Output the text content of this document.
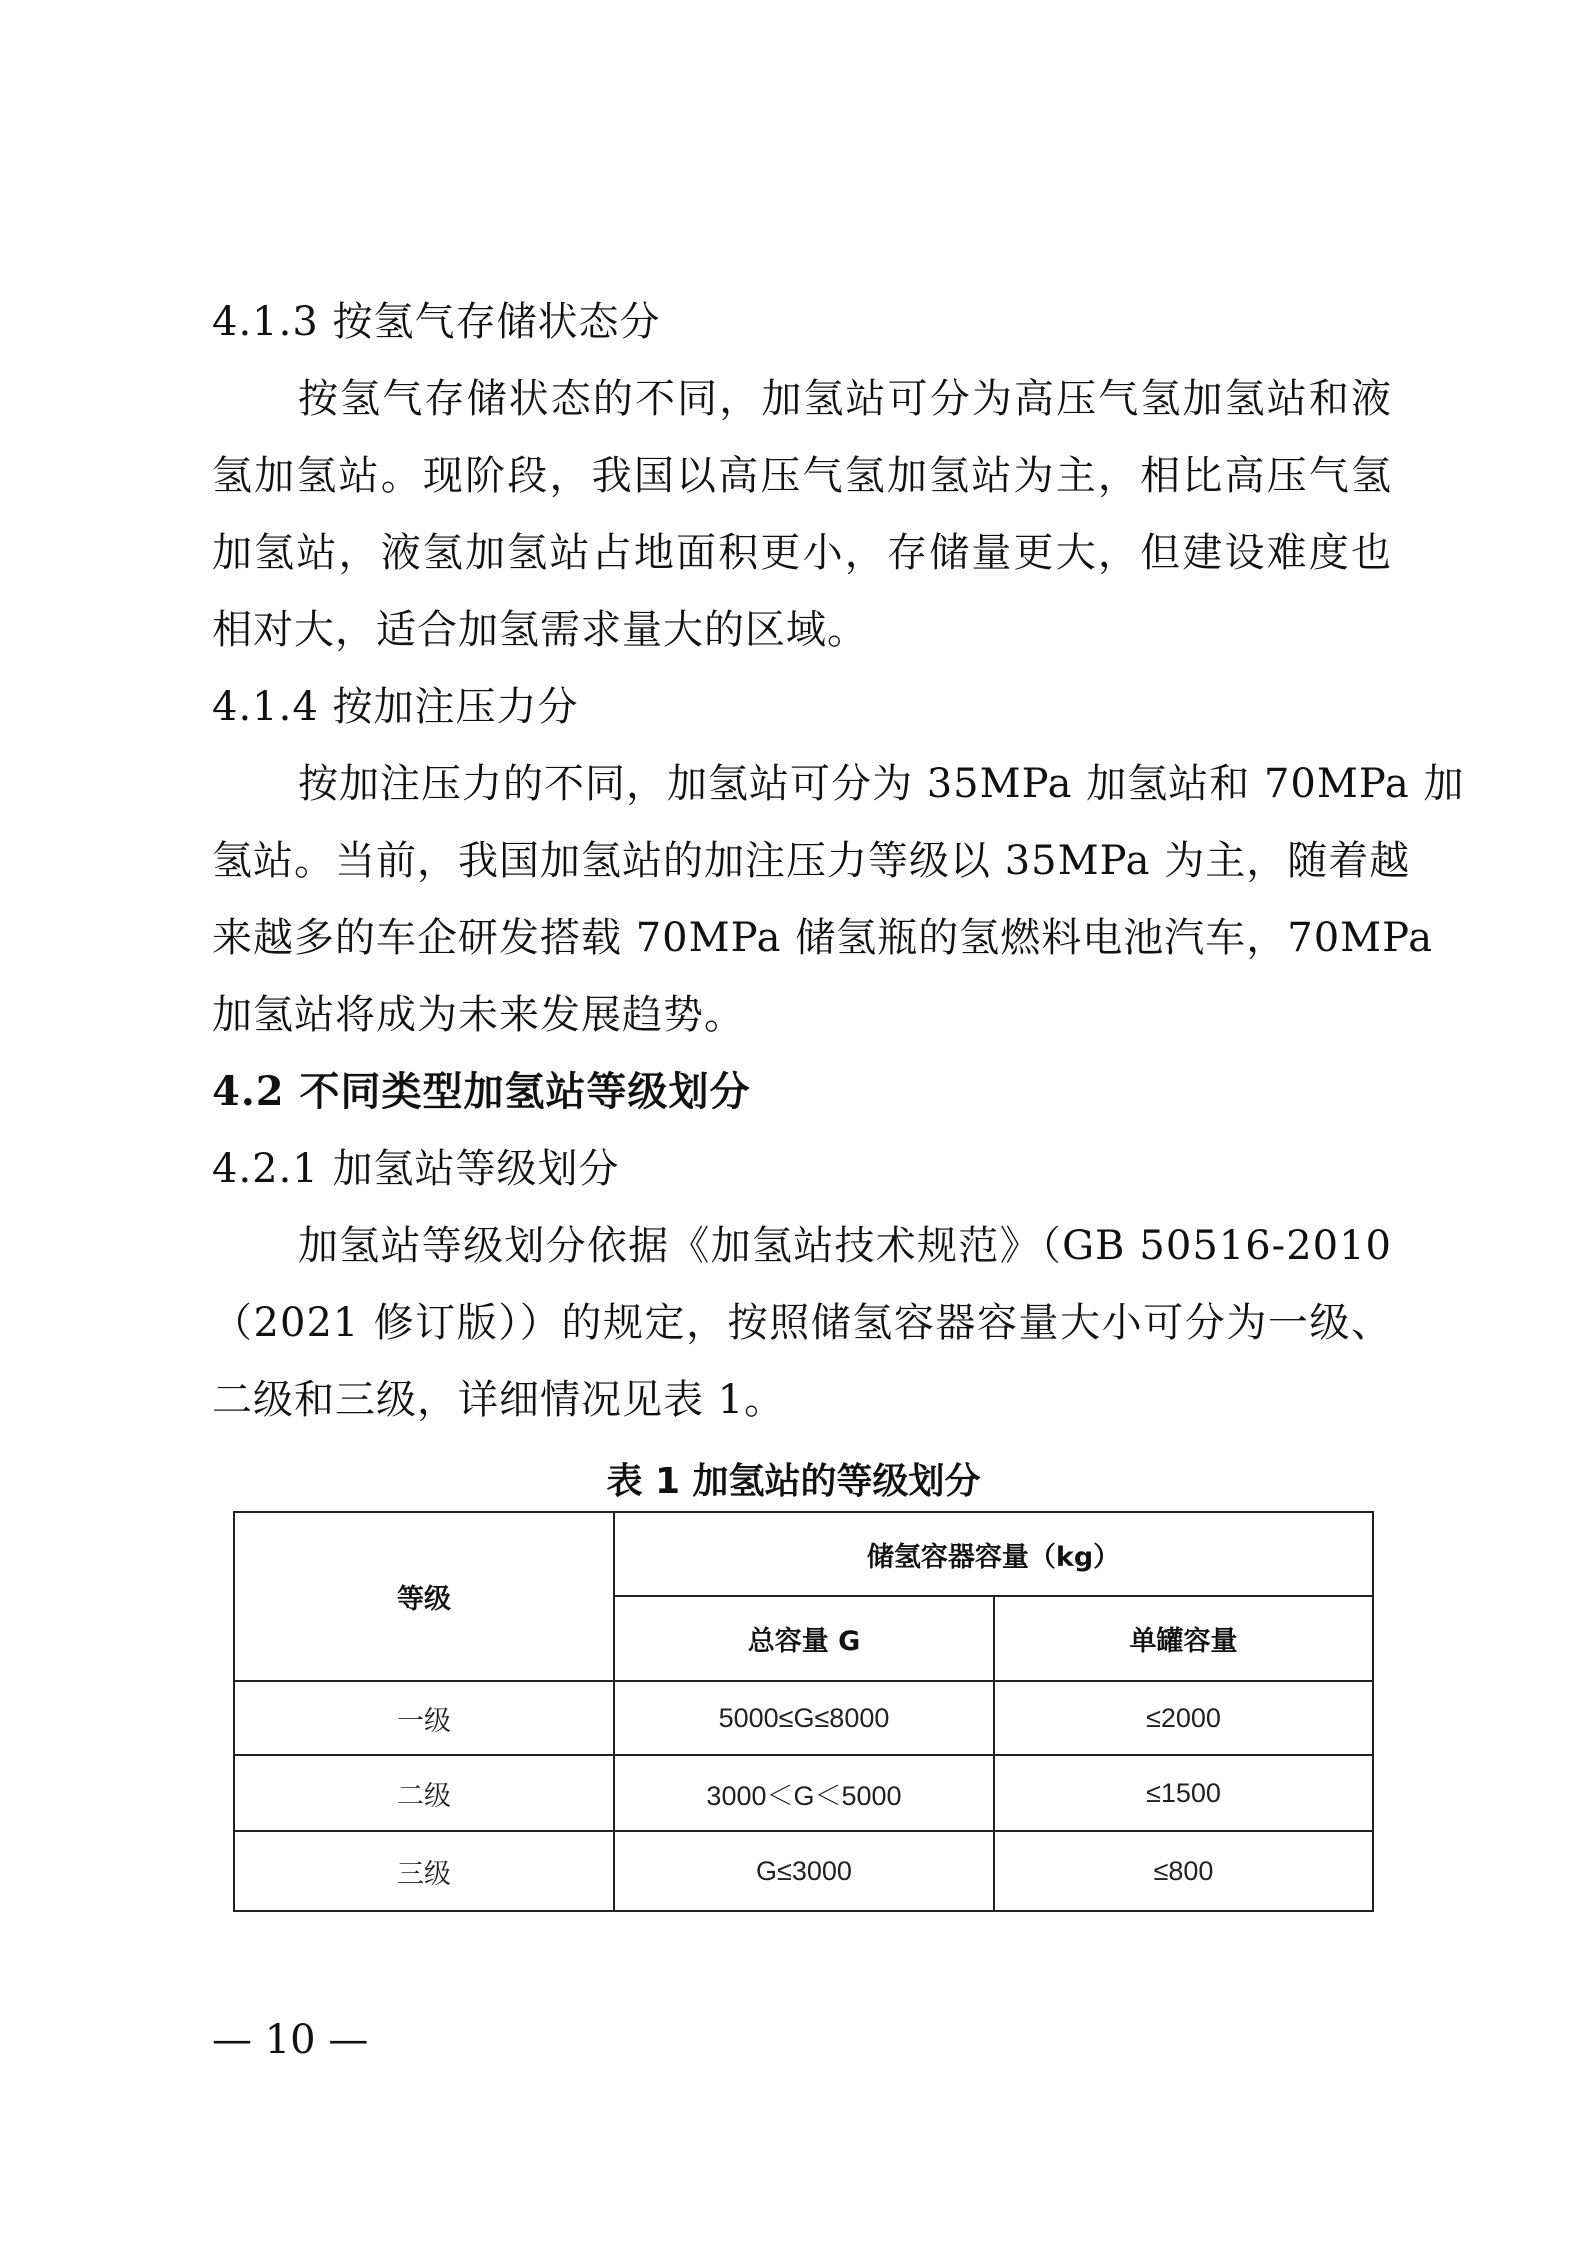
4.1.3 按氢气存储状态分
按氢气存储状态的不同，加氢站可分为高压气氢加氢站和液
氢加氢站。现阶段，我国以高压气氢加氢站为主，相比高压气氢
加氢站，液氢加氢站占地面积更小，存储量更大，但建设难度也
相对大，适合加氢需求量大的区域。
4.1.4 按加注压力分
按加注压力的不同，加氢站可分为 35MPa 加氢站和 70MPa 加
氢站。当前，我国加氢站的加注压力等级以 35MPa 为主，随着越
来越多的车企研发搭载 70MPa 储氢瓶的氢燃料电池汽车，70MPa
加氢站将成为未来发展趋势。
4.2 不同类型加氢站等级划分
4.2.1 加氢站等级划分
加氢站等级划分依据《加氢站技术规范》（GB 50516-2010
（2021 修订版））的规定，按照储氢容器容量大小可分为一级、
二级和三级，详细情况见表 1。
表 1 加氢站的等级划分
等级	储氢容器容量（kg）	
	总容量 G	单罐容量
一级	5000≤G≤8000	≤2000
二级	3000＜G＜5000	≤1500
三级	G≤3000	≤800
— 10 —
